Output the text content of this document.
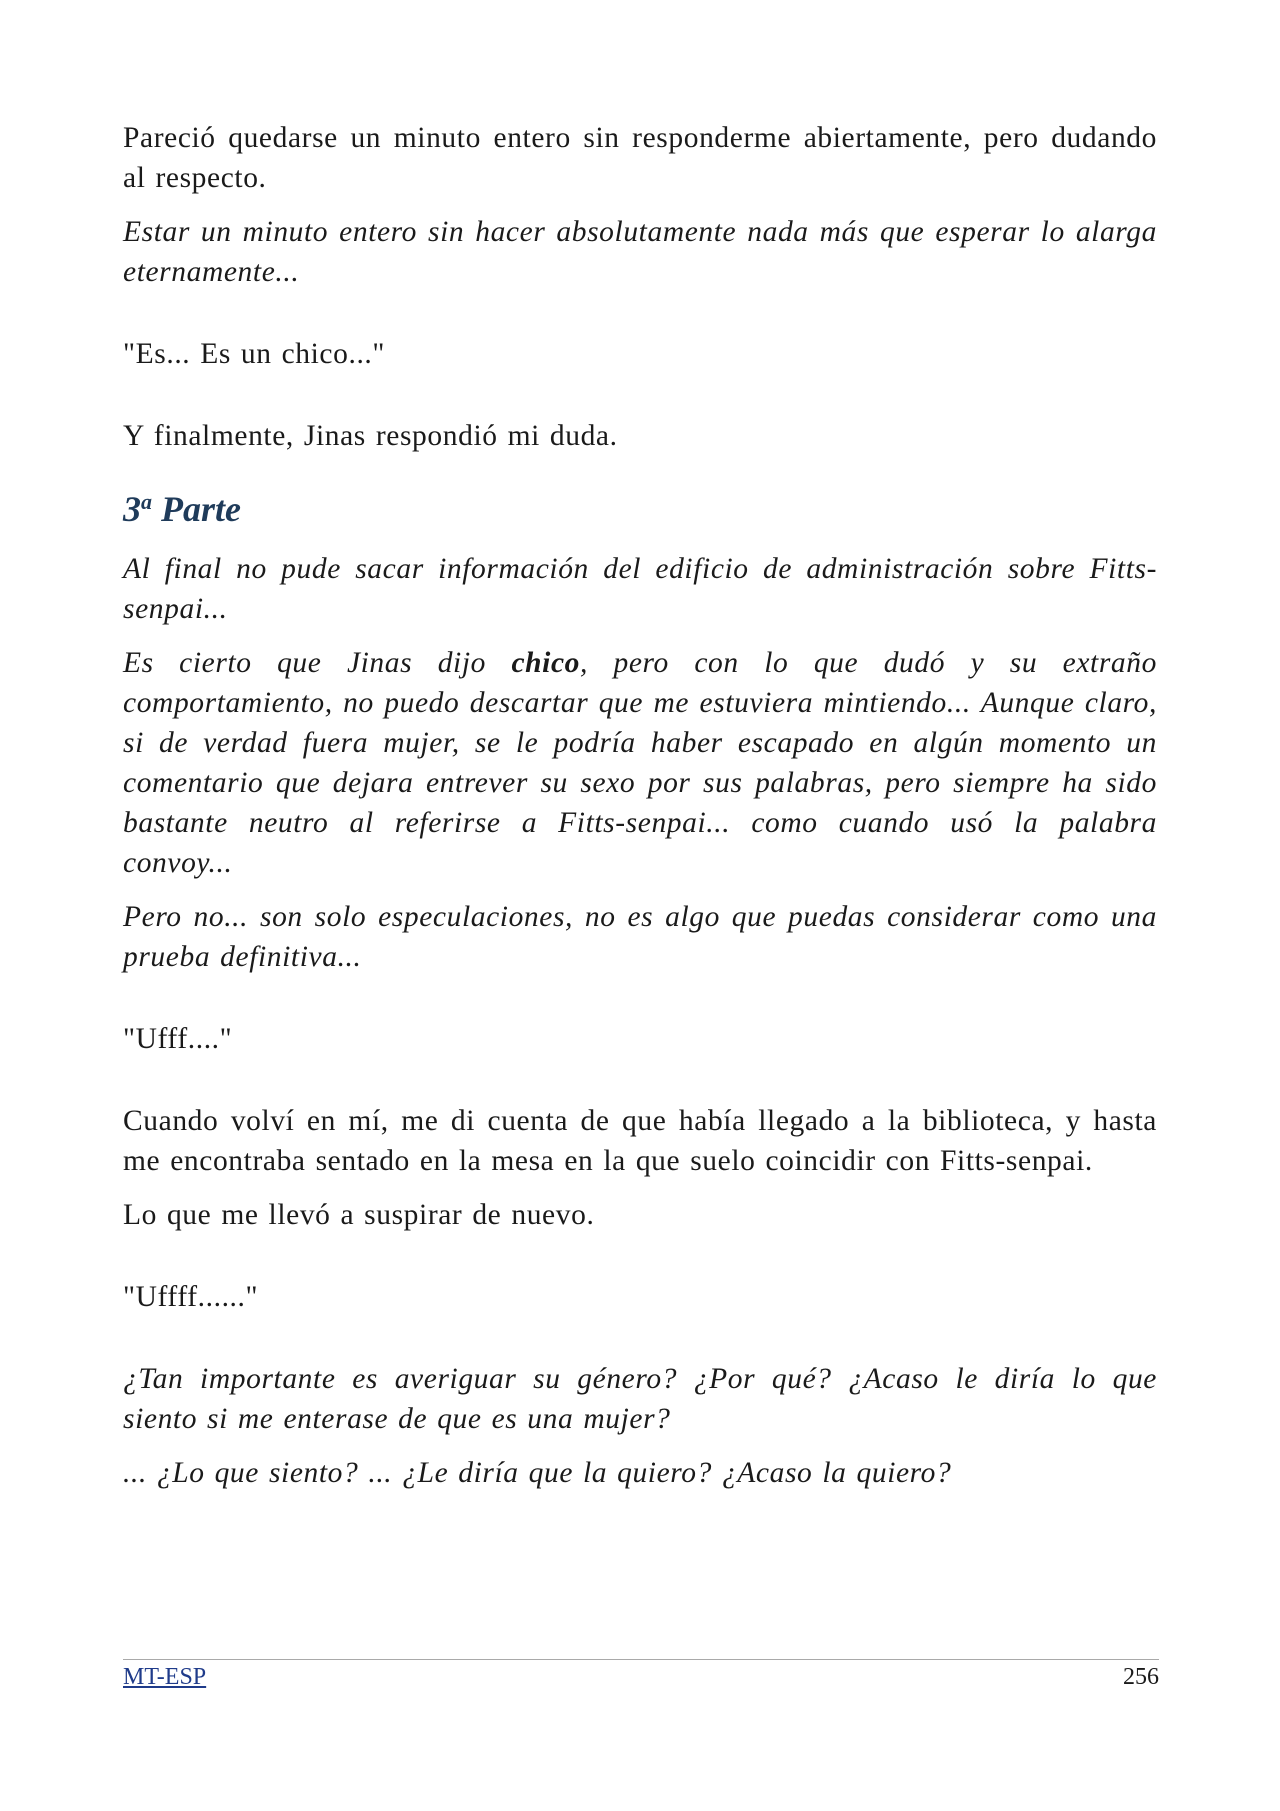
Pareció quedarse un minuto entero sin responderme abiertamente, pero dudando al respecto.

Estar un minuto entero sin hacer absolutamente nada más que esperar lo alarga eternamente...

"Es... Es un chico..."

Y finalmente, Jinas respondió mi duda.

3$^a$ Parte

Al final no pude sacar información del edificio de administración sobre Fitts-senpai...

Es cierto que Jinas dijo chico, pero con lo que dudó y su extraño comportamiento, no puedo descartar que me estuviera mintiendo... Aunque claro, si de verdad fuera mujer, se le podría haber escapado en algún momento un comentario que dejara entrever su sexo por sus palabras, pero siempre ha sido bastante neutro al referirse a Fitts-senpai... como cuando usó la palabra convoy...

Pero no... son solo especulaciones, no es algo que puedas considerar como una prueba definitiva...

"Ufff...."

Cuando volví en mí, me di cuenta de que había llegado a la biblioteca, y hasta me encontraba sentado en la mesa en la que suelo coincidir con Fitts-senpai.

Lo que me llevó a suspirar de nuevo.

"Uffff......"

¿Tan importante es averiguar su género? ¿Por qué? ¿Acaso le diría lo que siento si me enterase de que es una mujer?

... ¿Lo que siento? ... ¿Le diría que la quiero? ¿Acaso la quiero?

MT-ESP	256
